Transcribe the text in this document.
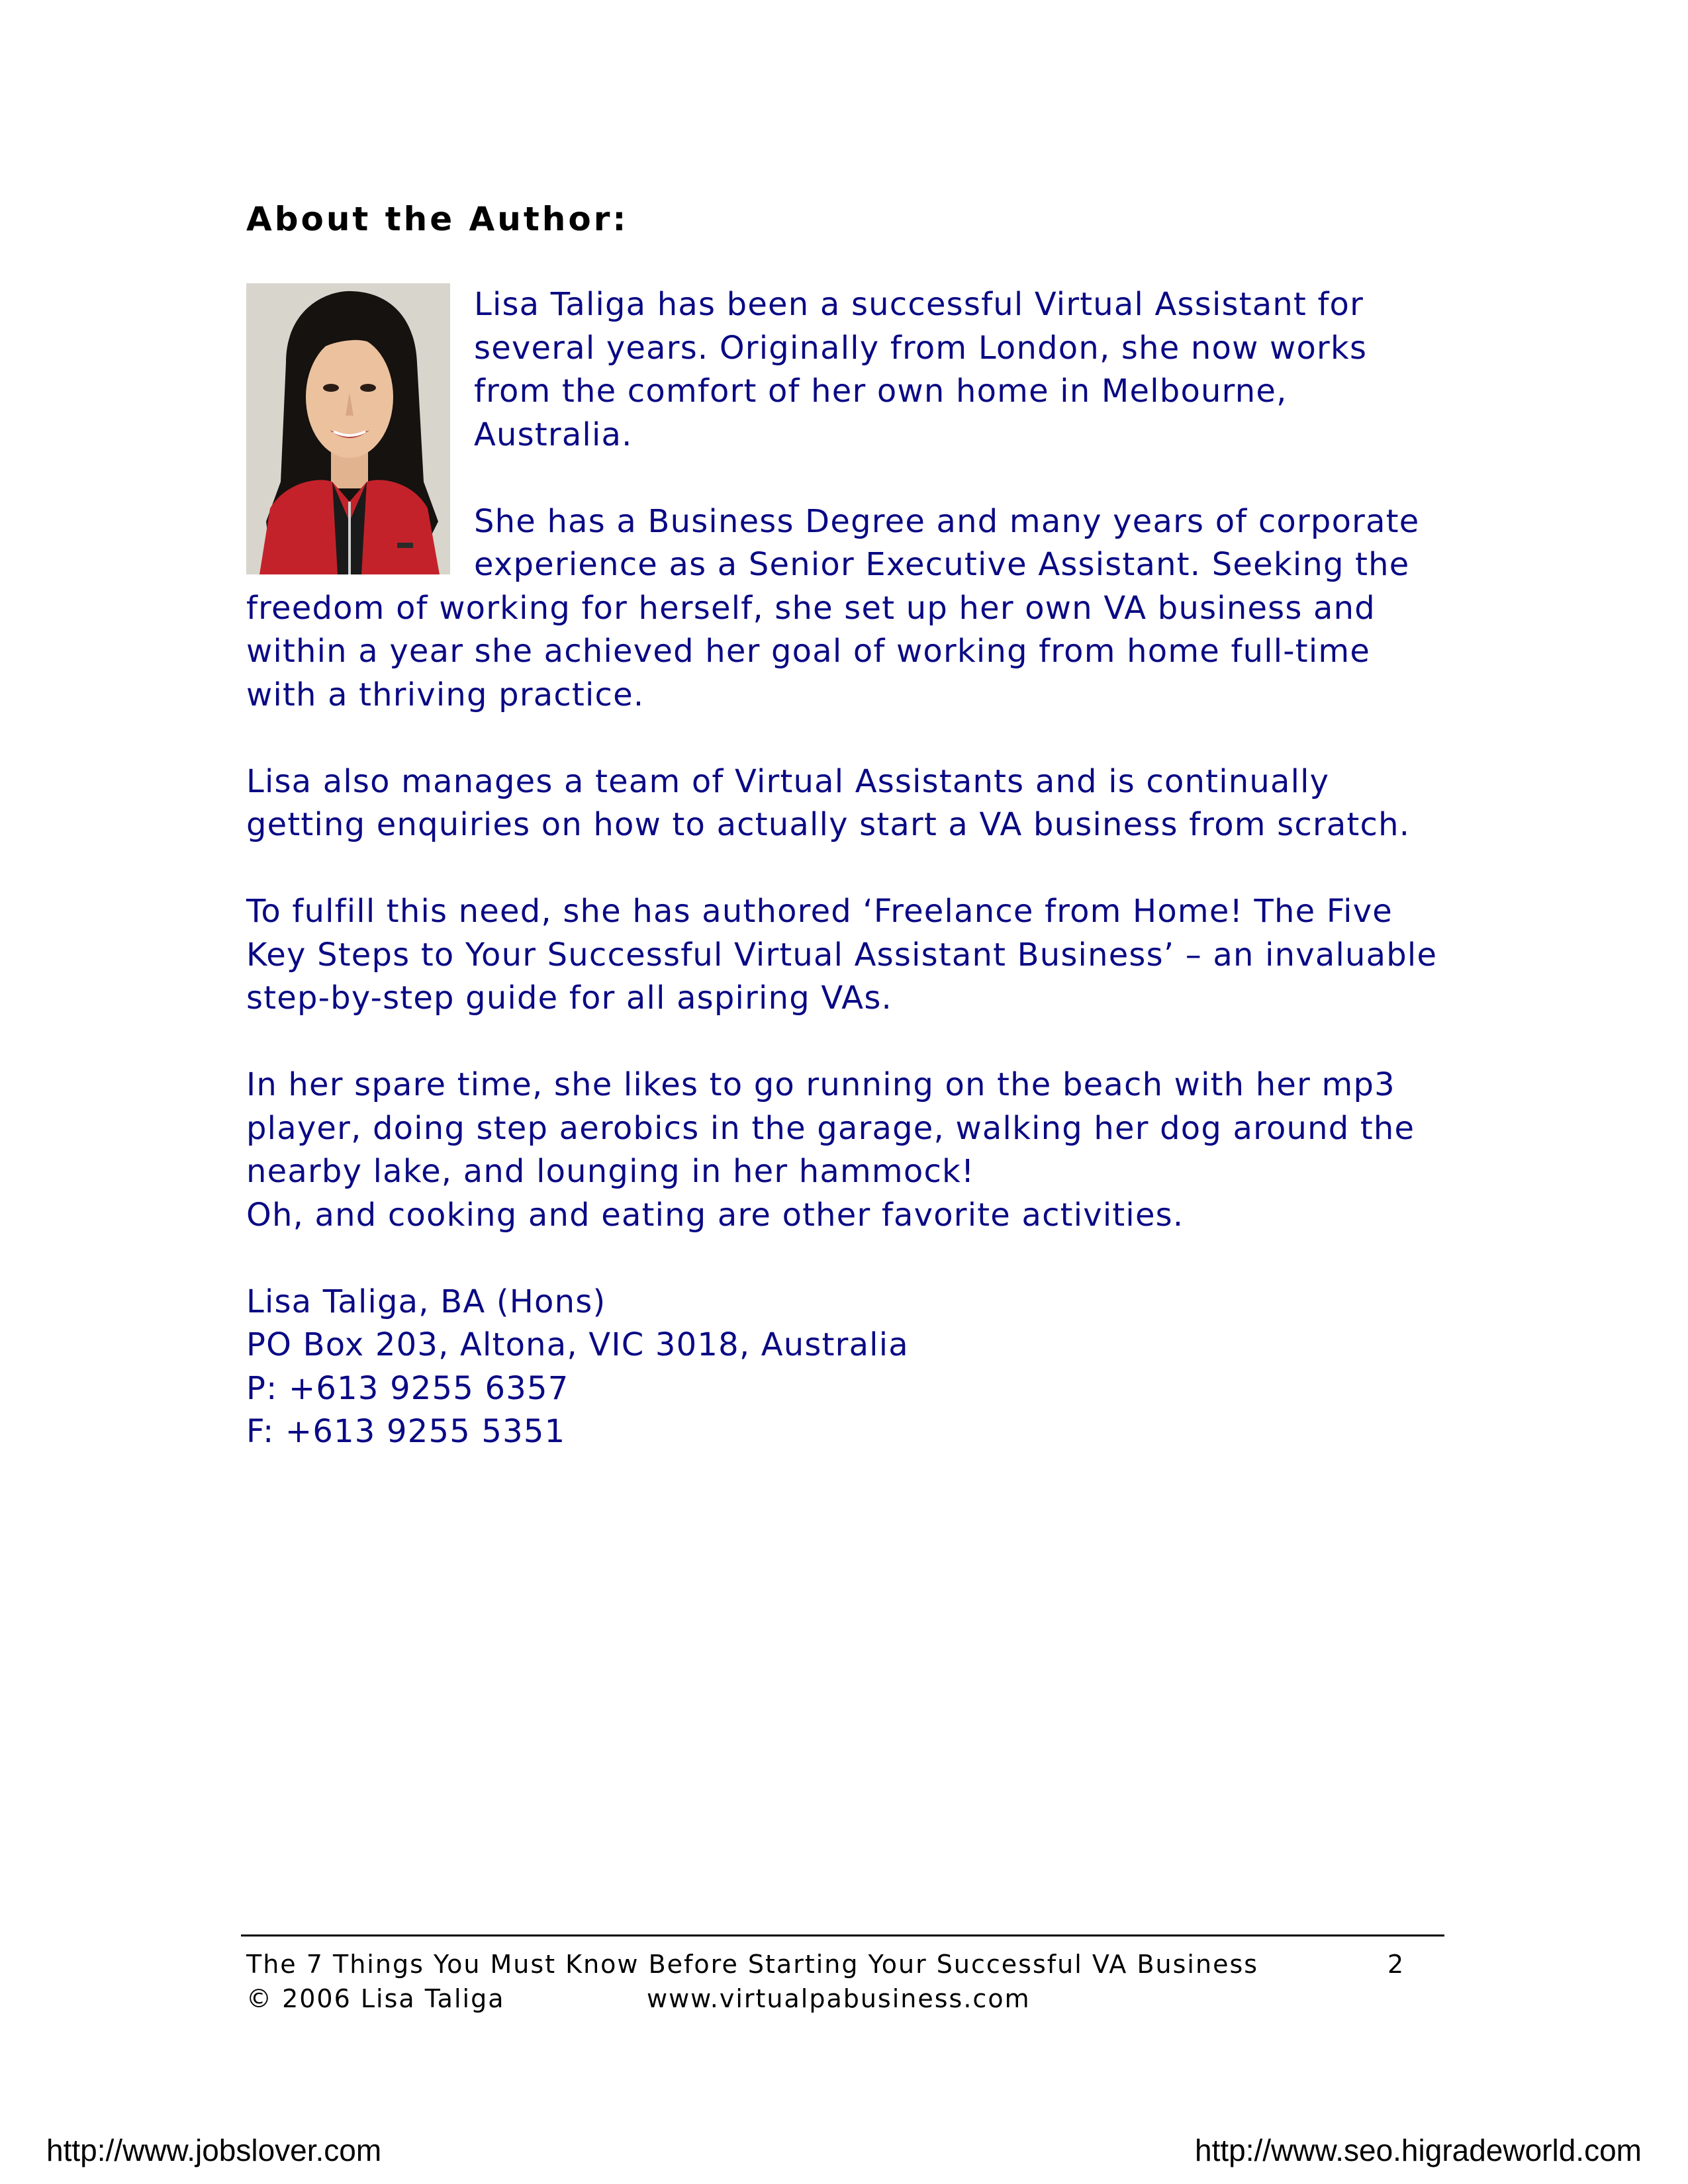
About the Author:

Lisa Taliga has been a successful Virtual Assistant for several years. Originally from London, she now works from the comfort of her own home in Melbourne, Australia.

She has a Business Degree and many years of corporate experience as a Senior Executive Assistant. Seeking the freedom of working for herself, she set up her own VA business and within a year she achieved her goal of working from home full-time with a thriving practice.

Lisa also manages a team of Virtual Assistants and is continually getting enquiries on how to actually start a VA business from scratch.

To fulfill this need, she has authored ‘Freelance from Home! The Five Key Steps to Your Successful Virtual Assistant Business’ – an invaluable step-by-step guide for all aspiring VAs.

In her spare time, she likes to go running on the beach with her mp3 player, doing step aerobics in the garage, walking her dog around the nearby lake, and lounging in her hammock!
Oh, and cooking and eating are other favorite activities.

Lisa Taliga, BA (Hons)
PO Box 203, Altona, VIC 3018, Australia
P: +613 9255 6357
F: +613 9255 5351

The 7 Things You Must Know Before Starting Your Successful VA Business	2
© 2006 Lisa Taliga	www.virtualpabusiness.com
http://www.jobslover.com	http://www.seo.higradeworld.com
